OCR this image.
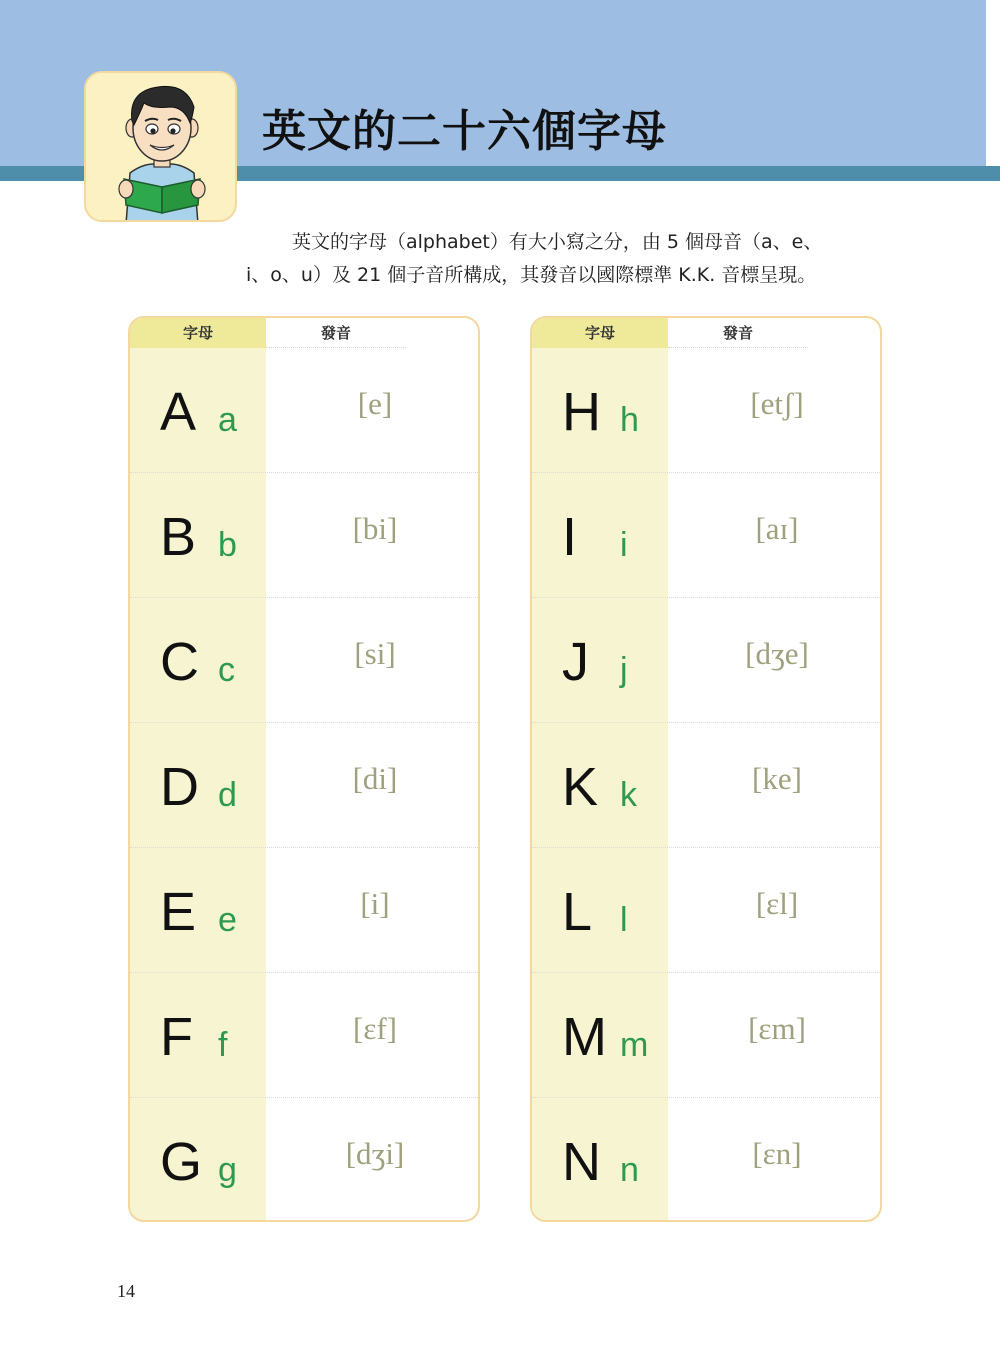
英文的二十六個字母
英文的字母（alphabet）有大小寫之分，由 5 個母音（a、e、
i、o、u）及 21 個子音所構成，其發音以國際標準 K.K. 音標呈現。
字母	發音
A a	[e]
B b	[bi]
C c	[si]
D d	[di]
E e	[i]
F f	[ɛf]
G g	[dʒi]
字母	發音
H h	[etʃ]
I i	[aɪ]
J j	[dʒe]
K k	[ke]
L l	[ɛl]
M m	[ɛm]
N n	[ɛn]
14
